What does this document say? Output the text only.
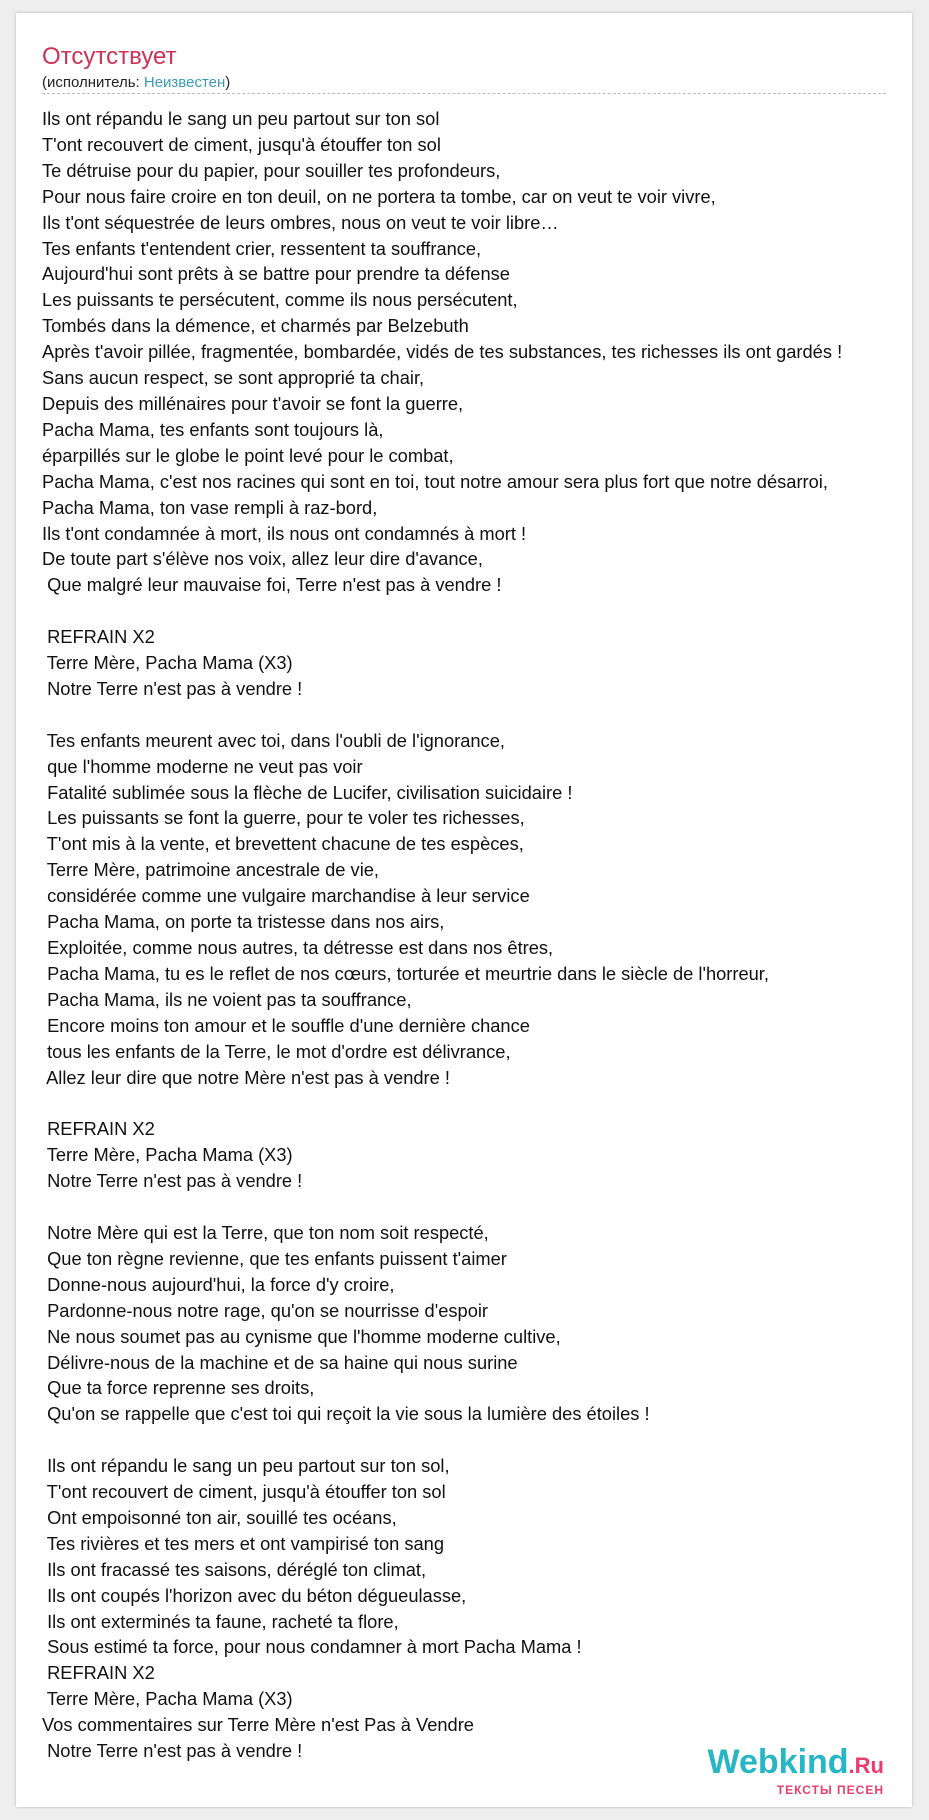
Отсутствует
(исполнитель: Неизвестен)
Ils ont répandu le sang un peu partout sur ton sol
T'ont recouvert de ciment, jusqu'à étouffer ton sol
Te détruise pour du papier, pour souiller tes profondeurs,
Pour nous faire croire en ton deuil, on ne portera ta tombe, car on veut te voir vivre,
Ils t'ont séquestrée de leurs ombres, nous on veut te voir libre…
Tes enfants t'entendent crier, ressentent ta souffrance,
Aujourd'hui sont prêts à se battre pour prendre ta défense
Les puissants te persécutent, comme ils nous persécutent,
Tombés dans la démence, et charmés par Belzebuth
Après t'avoir pillée, fragmentée, bombardée, vidés de tes substances, tes richesses ils ont gardés !
Sans aucun respect, se sont approprié ta chair,
Depuis des millénaires pour t'avoir se font la guerre,
Pacha Mama, tes enfants sont toujours là,
éparpillés sur le globe le point levé pour le combat,
Pacha Mama, c'est nos racines qui sont en toi, tout notre amour sera plus fort que notre désarroi,
Pacha Mama, ton vase rempli à raz-bord,
Ils t'ont condamnée à mort, ils nous ont condamnés à mort !
De toute part s'élève nos voix, allez leur dire d'avance,
Que malgré leur mauvaise foi, Terre n'est pas à vendre !

REFRAIN X2
Terre Mère, Pacha Mama (X3)
Notre Terre n'est pas à vendre !

Tes enfants meurent avec toi, dans l'oubli de l'ignorance,
que l'homme moderne ne veut pas voir
Fatalité sublimée sous la flèche de Lucifer, civilisation suicidaire !
Les puissants se font la guerre, pour te voler tes richesses,
T'ont mis à la vente, et brevettent chacune de tes espèces,
Terre Mère, patrimoine ancestrale de vie,
considérée comme une vulgaire marchandise à leur service
Pacha Mama, on porte ta tristesse dans nos airs,
Exploitée, comme nous autres, ta détresse est dans nos êtres,
Pacha Mama, tu es le reflet de nos cœurs, torturée et meurtrie dans le siècle de l'horreur,
Pacha Mama, ils ne voient pas ta souffrance,
Encore moins ton amour et le souffle d'une dernière chance
tous les enfants de la Terre, le mot d'ordre est délivrance,
Allez leur dire que notre Mère n'est pas à vendre !

REFRAIN X2
Terre Mère, Pacha Mama (X3)
Notre Terre n'est pas à vendre !

Notre Mère qui est la Terre, que ton nom soit respecté,
Que ton règne revienne, que tes enfants puissent t'aimer
Donne-nous aujourd'hui, la force d'y croire,
Pardonne-nous notre rage, qu'on se nourrisse d'espoir
Ne nous soumet pas au cynisme que l'homme moderne cultive,
Délivre-nous de la machine et de sa haine qui nous surine
Que ta force reprenne ses droits,
Qu'on se rappelle que c'est toi qui reçoit la vie sous la lumière des étoiles !

Ils ont répandu le sang un peu partout sur ton sol,
T'ont recouvert de ciment, jusqu'à étouffer ton sol
Ont empoisonné ton air, souillé tes océans,
Tes rivières et tes mers et ont vampirisé ton sang
Ils ont fracassé tes saisons, déréglé ton climat,
Ils ont coupés l'horizon avec du béton dégueulasse,
Ils ont exterminés ta faune, racheté ta flore,
Sous estimé ta force, pour nous condamner à mort Pacha Mama !
REFRAIN X2
Terre Mère, Pacha Mama (X3)
Vos commentaires sur Terre Mère n'est Pas à Vendre
Notre Terre n'est pas à vendre !	Webkind.Ru
ТЕКСТЫ ПЕСЕН
